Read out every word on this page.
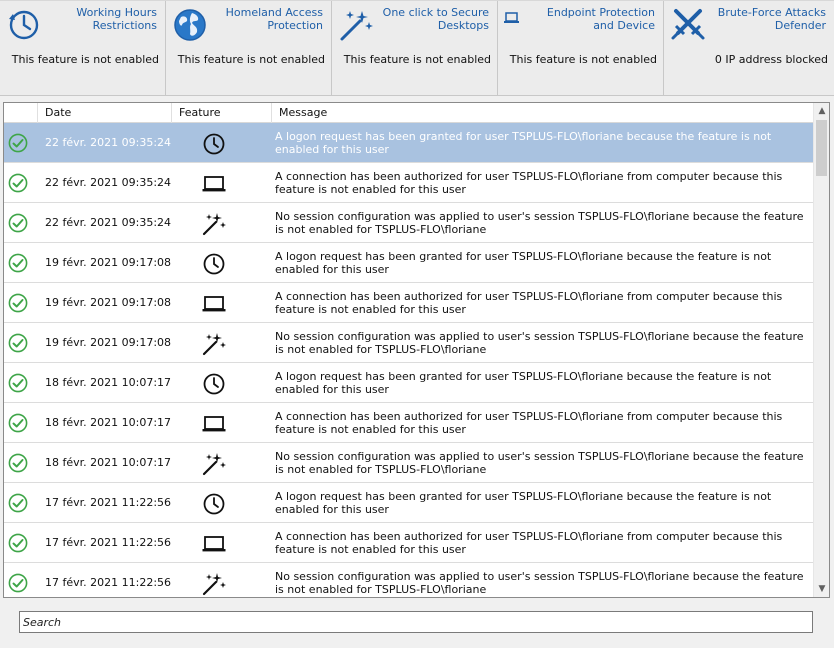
Working Hours Restrictions
This feature is not enabled
Homeland Access Protection
This feature is not enabled
One click to Secure Desktops
This feature is not enabled
Endpoint Protection and Device
This feature is not enabled
Brute-Force Attacks Defender
0 IP address blocked
Date	Feature	Message
22 févr. 2021 09:35:24	A logon request has been granted for user TSPLUS-FLO\floriane because the feature is not enabled for this user
22 févr. 2021 09:35:24	A connection has been authorized for user TSPLUS-FLO\floriane from computer because this feature is not enabled for this user
22 févr. 2021 09:35:24	No session configuration was applied to user's session TSPLUS-FLO\floriane because the feature is not enabled for TSPLUS-FLO\floriane
19 févr. 2021 09:17:08	A logon request has been granted for user TSPLUS-FLO\floriane because the feature is not enabled for this user
19 févr. 2021 09:17:08	A connection has been authorized for user TSPLUS-FLO\floriane from computer because this feature is not enabled for this user
19 févr. 2021 09:17:08	No session configuration was applied to user's session TSPLUS-FLO\floriane because the feature is not enabled for TSPLUS-FLO\floriane
18 févr. 2021 10:07:17	A logon request has been granted for user TSPLUS-FLO\floriane because the feature is not enabled for this user
18 févr. 2021 10:07:17	A connection has been authorized for user TSPLUS-FLO\floriane from computer because this feature is not enabled for this user
18 févr. 2021 10:07:17	No session configuration was applied to user's session TSPLUS-FLO\floriane because the feature is not enabled for TSPLUS-FLO\floriane
17 févr. 2021 11:22:56	A logon request has been granted for user TSPLUS-FLO\floriane because the feature is not enabled for this user
17 févr. 2021 11:22:56	A connection has been authorized for user TSPLUS-FLO\floriane from computer because this feature is not enabled for this user
17 févr. 2021 11:22:56	No session configuration was applied to user's session TSPLUS-FLO\floriane because the feature is not enabled for TSPLUS-FLO\floriane
▲
▼
Search
